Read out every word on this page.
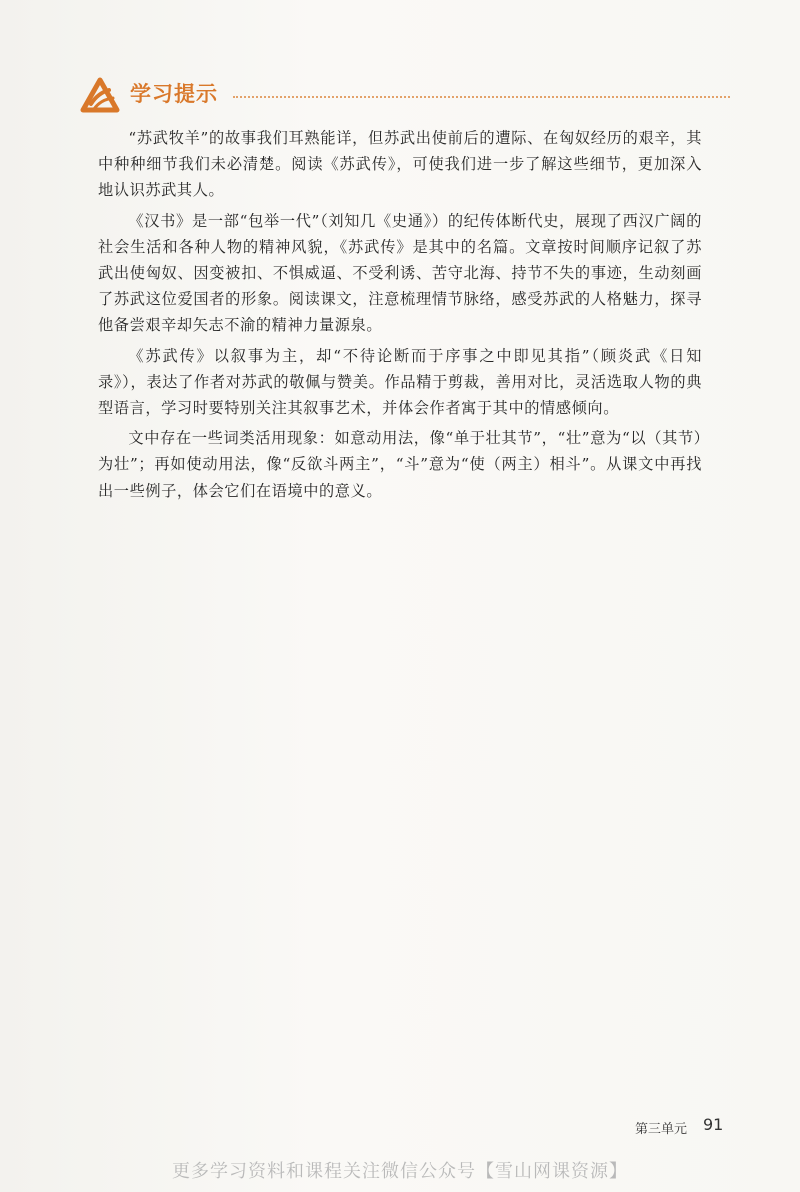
学习提示

“苏武牧羊”的故事我们耳熟能详，但苏武出使前后的遭际、在匈奴经历的艰辛，其中种种细节我们未必清楚。阅读《苏武传》，可使我们进一步了解这些细节，更加深入地认识苏武其人。

《汉书》是一部“包举一代”（刘知几《史通》）的纪传体断代史，展现了西汉广阔的社会生活和各种人物的精神风貌，《苏武传》是其中的名篇。文章按时间顺序记叙了苏武出使匈奴、因变被扣、不惧威逼、不受利诱、苦守北海、持节不失的事迹，生动刻画了苏武这位爱国者的形象。阅读课文，注意梳理情节脉络，感受苏武的人格魅力，探寻他备尝艰辛却矢志不渝的精神力量源泉。

《苏武传》以叙事为主，却“不待论断而于序事之中即见其指”（顾炎武《日知录》），表达了作者对苏武的敬佩与赞美。作品精于剪裁，善用对比，灵活选取人物的典型语言，学习时要特别关注其叙事艺术，并体会作者寓于其中的情感倾向。

文中存在一些词类活用现象：如意动用法，像“单于壮其节”，“壮”意为“以（其节）为壮”；再如使动用法，像“反欲斗两主”，“斗”意为“使（两主）相斗”。从课文中再找出一些例子，体会它们在语境中的意义。

第三单元 91
更多学习资料和课程关注微信公众号【雪山网课资源】
